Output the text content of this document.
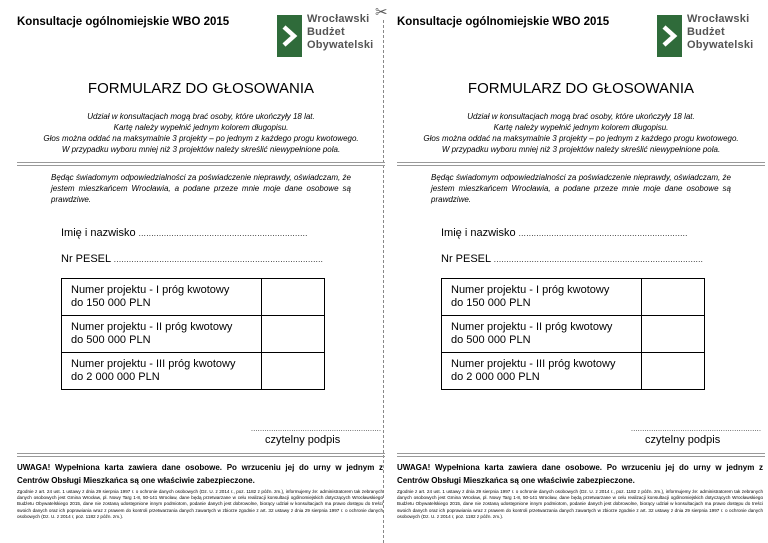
✂
Konsultacje ogólnomiejskie WBO 2015	Wrocławski
Budżet
Obywatelski
FORMULARZ DO GŁOSOWANIA
Udział w konsultacjach mogą brać osoby, które ukończyły 18 lat.
Kartę należy wypełnić jednym kolorem długopisu.
Głos można oddać na maksymalnie 3 projekty – po jednym z każdego progu kwotowego.
W przypadku wyboru mniej niż 3 projektów należy skreślić niewypełnione pola.
Będąc świadomym odpowiedzialności za poświadczenie nieprawdy, oświadczam, że jestem mieszkańcem Wrocławia, a podane przeze mnie moje dane osobowe są prawdziwe.
Imię i nazwisko ...................................................................
Nr PESEL ...................................................................................
Numer projektu - I próg kwotowy
do 150 000 PLN
Numer projektu - II próg kwotowy
do 500 000 PLN
Numer projektu - III próg kwotowy
do 2 000 000 PLN
..........................................................
czytelny podpis
UWAGA! Wypełniona karta zawiera dane osobowe. Po wrzuceniu jej do urny w jednym z Centrów Obsługi Mieszkańca są one właściwie zabezpieczone.
Zgodnie z art. 24 ust. 1 ustawy z dnia 29 sierpnia 1997 r. o ochronie danych osobowych (Dz. U. z 2014 r., poz. 1182 z późn. zm.), informujemy że: administratorem tak zebranych danych osobowych jest Gmina Wrocław, pl. Nowy Targ 1-8, 50-141 Wrocław, dane będą przetwarzane w celu realizacji konsultacji ogólnomiejskich dotyczących Wrocławskiego Budżetu Obywatelskiego 2015, dane nie zostaną udostępnione innym podmiotom, podanie danych jest dobrowolne, biorący udział w konsultacjach ma prawo dostępu do treści swoich danych oraz ich poprawiania wraz z prawem do kontroli przetwarzania danych zawartych w zbiorze zgodnie z art. 32 ustawy z dnia 29 sierpnia 1997 r. o ochronie danych osobowych (Dz. U. z 2014 r, poz. 1182 z późn. zm.).
Konsultacje ogólnomiejskie WBO 2015	Wrocławski
Budżet
Obywatelski
FORMULARZ DO GŁOSOWANIA
Udział w konsultacjach mogą brać osoby, które ukończyły 18 lat.
Kartę należy wypełnić jednym kolorem długopisu.
Głos można oddać na maksymalnie 3 projekty – po jednym z każdego progu kwotowego.
W przypadku wyboru mniej niż 3 projektów należy skreślić niewypełnione pola.
Będąc świadomym odpowiedzialności za poświadczenie nieprawdy, oświadczam, że jestem mieszkańcem Wrocławia, a podane przeze mnie moje dane osobowe są prawdziwe.
Imię i nazwisko ...................................................................
Nr PESEL ...................................................................................
Numer projektu - I próg kwotowy
do 150 000 PLN
Numer projektu - II próg kwotowy
do 500 000 PLN
Numer projektu - III próg kwotowy
do 2 000 000 PLN
..........................................................
czytelny podpis
UWAGA! Wypełniona karta zawiera dane osobowe. Po wrzuceniu jej do urny w jednym z Centrów Obsługi Mieszkańca są one właściwie zabezpieczone.
Zgodnie z art. 24 ust. 1 ustawy z dnia 29 sierpnia 1997 r. o ochronie danych osobowych (Dz. U. z 2014 r., poz. 1182 z późn. zm.), informujemy że: administratorem tak zebranych danych osobowych jest Gmina Wrocław, pl. Nowy Targ 1-8, 50-141 Wrocław, dane będą przetwarzane w celu realizacji konsultacji ogólnomiejskich dotyczących Wrocławskiego Budżetu Obywatelskiego 2015, dane nie zostaną udostępnione innym podmiotom, podanie danych jest dobrowolne, biorący udział w konsultacjach ma prawo dostępu do treści swoich danych oraz ich poprawiania wraz z prawem do kontroli przetwarzania danych zawartych w zbiorze zgodnie z art. 32 ustawy z dnia 29 sierpnia 1997 r. o ochronie danych osobowych (Dz. U. z 2014 r, poz. 1182 z późn. zm.).
